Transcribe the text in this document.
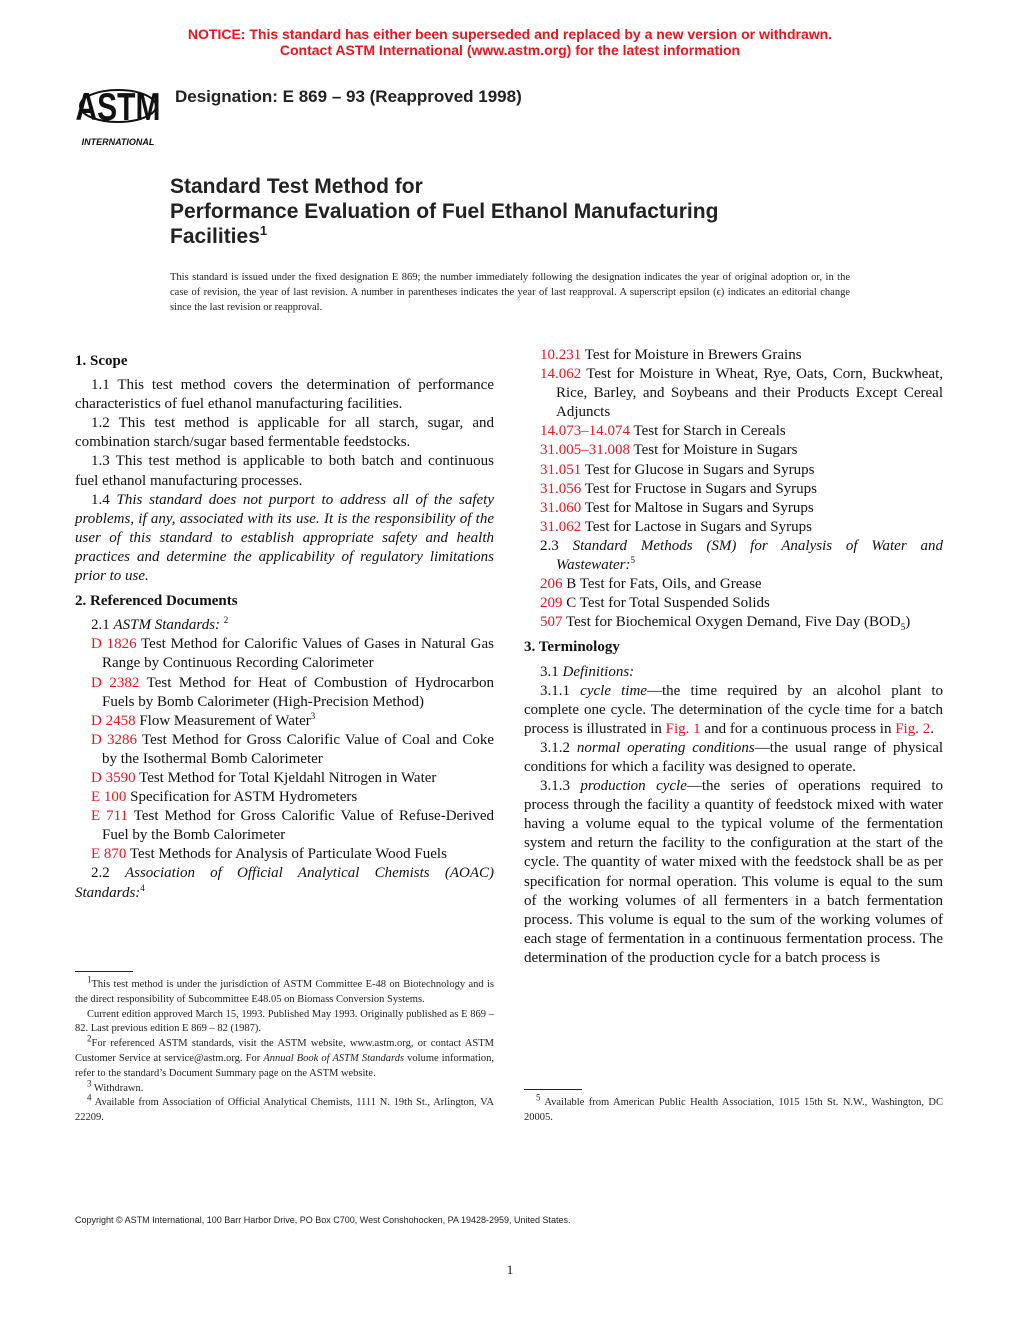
NOTICE: This standard has either been superseded and replaced by a new version or withdrawn.
Contact ASTM International (www.astm.org) for the latest information
ASTM
INTERNATIONAL
Designation: E 869 – 93 (Reapproved 1998)
Standard Test Method for
Performance Evaluation of Fuel Ethanol Manufacturing
Facilities$^1$
This standard is issued under the fixed designation E 869; the number immediately following the designation indicates the year of original adoption or, in the case of revision, the year of last revision. A number in parentheses indicates the year of last reapproval. A superscript epsilon (ϵ) indicates an editorial change since the last revision or reapproval.

1. Scope

1.1 This test method covers the determination of performance characteristics of fuel ethanol manufacturing facilities.

1.2 This test method is applicable for all starch, sugar, and combination starch/sugar based fermentable feedstocks.

1.3 This test method is applicable to both batch and continuous fuel ethanol manufacturing processes.

1.4 This standard does not purport to address all of the safety problems, if any, associated with its use. It is the responsibility of the user of this standard to establish appropriate safety and health practices and determine the applicability of regulatory limitations prior to use.

2. Referenced Documents

2.1 ASTM Standards: $^2$

D 1826 Test Method for Calorific Values of Gases in Natural Gas Range by Continuous Recording Calorimeter

D 2382 Test Method for Heat of Combustion of Hydrocarbon Fuels by Bomb Calorimeter (High-Precision Method)

D 2458 Flow Measurement of Water$^3$

D 3286 Test Method for Gross Calorific Value of Coal and Coke by the Isothermal Bomb Calorimeter

D 3590 Test Method for Total Kjeldahl Nitrogen in Water

E 100 Specification for ASTM Hydrometers

E 711 Test Method for Gross Calorific Value of Refuse-Derived Fuel by the Bomb Calorimeter

E 870 Test Methods for Analysis of Particulate Wood Fuels

2.2 Association of Official Analytical Chemists (AOAC) Standards:$^4$

$^1$This test method is under the jurisdiction of ASTM Committee E-48 on Biotechnology and is the direct responsibility of Subcommittee E48.05 on Biomass Conversion Systems.

Current edition approved March 15, 1993. Published May 1993. Originally published as E 869 – 82. Last previous edition E 869 – 82 (1987).

$^2$For referenced ASTM standards, visit the ASTM website, www.astm.org, or contact ASTM Customer Service at service@astm.org. For Annual Book of ASTM Standards volume information, refer to the standard’s Document Summary page on the ASTM website.

$^3$ Withdrawn.

$^4$ Available from Association of Official Analytical Chemists, 1111 N. 19th St., Arlington, VA 22209.

10.231 Test for Moisture in Brewers Grains

14.062 Test for Moisture in Wheat, Rye, Oats, Corn, Buckwheat, Rice, Barley, and Soybeans and their Products Except Cereal Adjuncts

14.073–14.074 Test for Starch in Cereals

31.005–31.008 Test for Moisture in Sugars

31.051 Test for Glucose in Sugars and Syrups

31.056 Test for Fructose in Sugars and Syrups

31.060 Test for Maltose in Sugars and Syrups

31.062 Test for Lactose in Sugars and Syrups

2.3 Standard Methods (SM) for Analysis of Water and Wastewater:$^5$

206 B Test for Fats, Oils, and Grease

209 C Test for Total Suspended Solids

507 Test for Biochemical Oxygen Demand, Five Day $(BOD_5)$

3. Terminology

3.1 Definitions:

3.1.1 cycle time—the time required by an alcohol plant to complete one cycle. The determination of the cycle time for a batch process is illustrated in Fig. 1 and for a continuous process in Fig. 2.

3.1.2 normal operating conditions—the usual range of physical conditions for which a facility was designed to operate.

3.1.3 production cycle—the series of operations required to process through the facility a quantity of feedstock mixed with water having a volume equal to the typical volume of the fermentation system and return the facility to the configuration at the start of the cycle. The quantity of water mixed with the feedstock shall be as per specification for normal operation. This volume is equal to the sum of the working volumes of all fermenters in a batch fermentation process. This volume is equal to the sum of the working volumes of each stage of fermentation in a continuous fermentation process. The determination of the production cycle for a batch process is

$^5$ Available from American Public Health Association, 1015 15th St. N.W., Washington, DC 20005.

Copyright © ASTM International, 100 Barr Harbor Drive, PO Box C700, West Conshohocken, PA 19428-2959, United States.
1
